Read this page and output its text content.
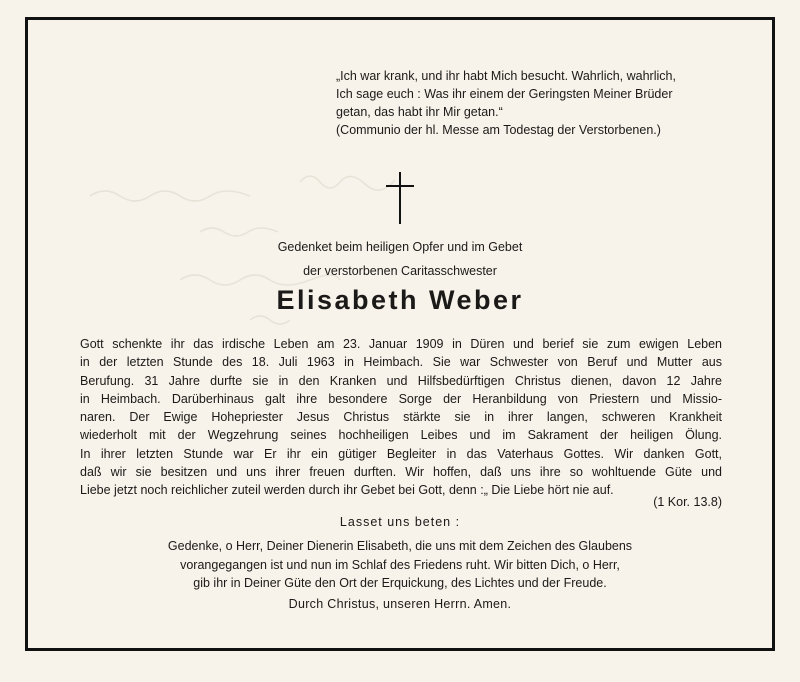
„Ich war krank, und ihr habt Mich besucht. Wahrlich, wahrlich,
Ich sage euch : Was ihr einem der Geringsten Meiner Brüder
getan, das habt ihr Mir getan.“
(Communio der hl. Messe am Todestag der Verstorbenen.)
Gedenket beim heiligen Opfer und im Gebet
der verstorbenen Caritasschwester
Elisabeth Weber
Gott schenkte ihr das irdische Leben am 23. Januar 1909 in Düren und berief sie zum ewigen Leben
in der letzten Stunde des 18. Juli 1963 in Heimbach. Sie war Schwester von Beruf und Mutter aus
Berufung. 31 Jahre durfte sie in den Kranken und Hilfsbedürftigen Christus dienen, davon 12 Jahre
in Heimbach. Darüberhinaus galt ihre besondere Sorge der Heranbildung von Priestern und Missio-
naren. Der Ewige Hohepriester Jesus Christus stärkte sie in ihrer langen, schweren Krankheit
wiederholt mit der Wegzehrung seines hochheiligen Leibes und im Sakrament der heiligen Ölung.
In ihrer letzten Stunde war Er ihr ein gütiger Begleiter in das Vaterhaus Gottes. Wir danken Gott,
daß wir sie besitzen und uns ihrer freuen durften. Wir hoffen, daß uns ihre so wohltuende Güte und
Liebe jetzt noch reichlicher zuteil werden durch ihr Gebet bei Gott, denn :„ Die Liebe hört nie auf.
(1 Kor. 13.8)
Lasset uns beten :
Gedenke, o Herr, Deiner Dienerin Elisabeth, die uns mit dem Zeichen des Glaubens
vorangegangen ist und nun im Schlaf des Friedens ruht. Wir bitten Dich, o Herr,
gib ihr in Deiner Güte den Ort der Erquickung, des Lichtes und der Freude.
Durch Christus, unseren Herrn. Amen.
